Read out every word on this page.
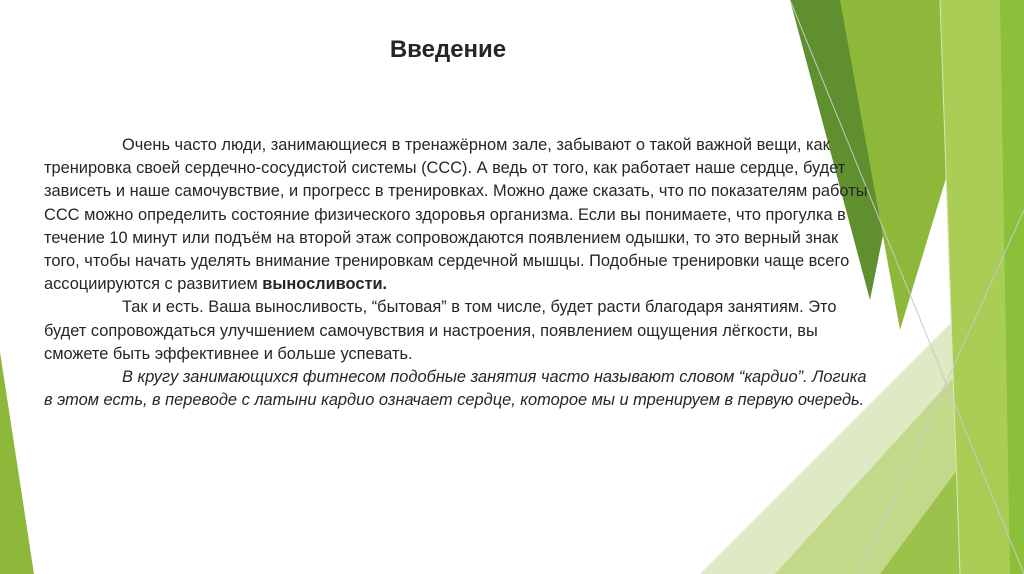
Введение

Очень часто люди, занимающиеся в тренажёрном зале, забывают о такой важной вещи, как тренировка своей сердечно-сосудистой системы (ССС). А ведь от того, как работает наше сердце, будет зависеть и наше самочувствие, и прогресс в тренировках. Можно даже сказать, что по показателям работы ССС можно определить состояние физического здоровья организма. Если вы понимаете, что прогулка в течение 10 минут или подъём на второй этаж сопровождаются появлением одышки, то это верный знак того, чтобы начать уделять внимание тренировкам сердечной мышцы. Подобные тренировки чаще всего ассоциируются с развитием выносливости.

Так и есть. Ваша выносливость, “бытовая” в том числе, будет расти благодаря занятиям. Это будет сопровождаться улучшением самочувствия и настроения, появлением ощущения лёгкости, вы сможете быть эффективнее и больше успевать.

В кругу занимающихся фитнесом подобные занятия часто называют словом “кардио”. Логика в этом есть, в переводе с латыни кардио означает сердце, которое мы и тренируем в первую очередь.
